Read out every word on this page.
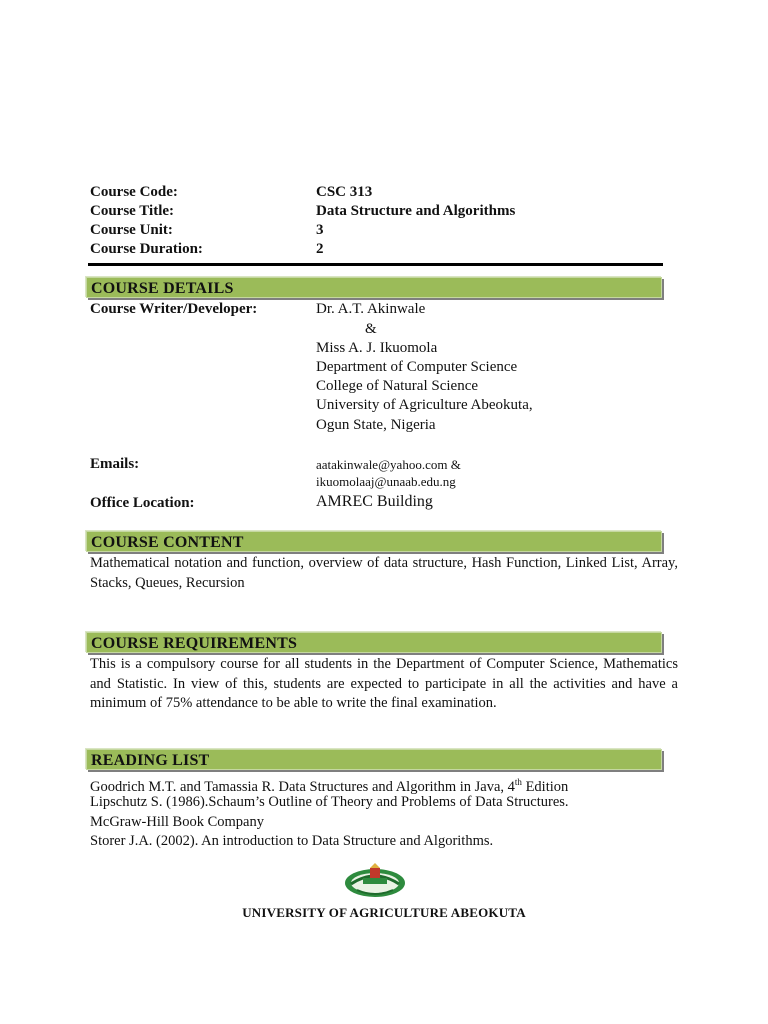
Course Code:	CSC 313
Course Title:	Data Structure and Algorithms
Course Unit:	3
Course Duration:	2
COURSE DETAILS
Course Writer/Developer:	Dr. A.T. Akinwale
&
Miss A. J. Ikuomola
Department of Computer Science
College of Natural Science
University of Agriculture Abeokuta,
Ogun State, Nigeria
Emails:	aatakinwale@yahoo.com &
ikuomolaaj@unaab.edu.ng
Office Location:	AMREC Building
COURSE CONTENT
Mathematical notation and function, overview of data structure, Hash Function, Linked List, Array, Stacks, Queues, Recursion
COURSE REQUIREMENTS
This is a compulsory course for all students in the Department of Computer Science, Mathematics and Statistic. In view of this, students are expected to participate in all the activities and have a minimum of 75% attendance to be able to write the final examination.
READING LIST
Goodrich M.T. and Tamassia R. Data Structures and Algorithm in Java, 4th Edition
Lipschutz S. (1986).Schaum’s Outline of Theory and Problems of Data Structures.
McGraw-Hill Book Company
Storer J.A. (2002). An introduction to Data Structure and Algorithms.
UNIVERSITY OF AGRICULTURE ABEOKUTA
